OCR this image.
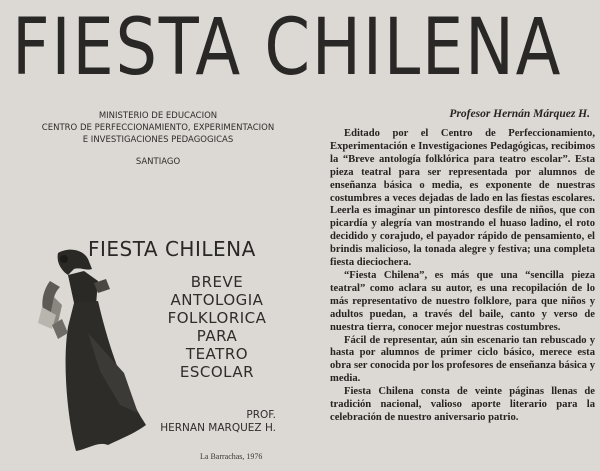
FIESTA CHILENA
MINISTERIO DE EDUCACION
CENTRO DE PERFECCIONAMIENTO, EXPERIMENTACION
E INVESTIGACIONES PEDAGOGICAS
SANTIAGO
FIESTA CHILENA
BREVE
ANTOLOGIA
FOLKLORICA
PARA
TEATRO
ESCOLAR
PROF.
HERNAN MARQUEZ H.
La Barrachas, 1976
Profesor Hernán Márquez H.

Editado por el Centro de Perfeccionamiento, Experimentación e Investigaciones Pedagógicas, recibimos la “Breve antología folklórica para teatro escolar”. Esta pieza teatral para ser representada por alumnos de enseñanza básica o media, es exponente de nuestras costumbres a veces dejadas de lado en las fiestas escolares. Leerla es imaginar un pintoresco desfile de niños, que con picardía y alegría van mostrando el huaso ladino, el roto decidido y corajudo, el payador rápido de pensamiento, el brindis malicioso, la tonada alegre y festiva; una completa fiesta dieciochera.

“Fiesta Chilena”, es más que una “sencilla pieza teatral” como aclara su autor, es una recopilación de lo más representativo de nuestro folklore, para que niños y adultos puedan, a través del baile, canto y verso de nuestra tierra, conocer mejor nuestras costumbres.

Fácil de representar, aún sin escenario tan rebuscado y hasta por alumnos de primer ciclo básico, merece esta obra ser conocida por los profesores de enseñanza básica y media.

Fiesta Chilena consta de veinte páginas llenas de tradición nacional, valioso aporte literario para la celebración de nuestro aniversario patrio.
